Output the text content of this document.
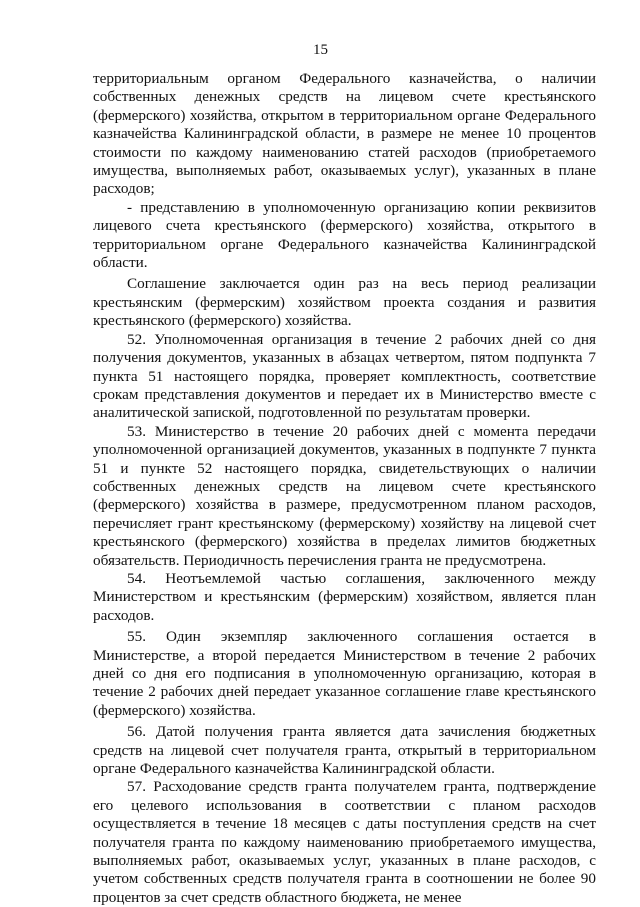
15

территориальным органом Федерального казначейства, о наличии собственных денежных средств на лицевом счете крестьянского (фермерского) хозяйства, открытом в территориальном органе Федерального казначейства Калининградской области, в размере не менее 10 процентов стоимости по каждому наименованию статей расходов (приобретаемого имущества, выполняемых работ, оказываемых услуг), указанных в плане расходов;

- представлению в уполномоченную организацию копии реквизитов лицевого счета крестьянского (фермерского) хозяйства, открытого в территориальном органе Федерального казначейства Калининградской области.

Соглашение заключается один раз на весь период реализации крестьянским (фермерским) хозяйством проекта создания и развития крестьянского (фермерского) хозяйства.

52. Уполномоченная организация в течение 2 рабочих дней со дня получения документов, указанных в абзацах четвертом, пятом подпункта 7 пункта 51 настоящего порядка, проверяет комплектность, соответствие срокам представления документов и передает их в Министерство вместе с аналитической запиской, подготовленной по результатам проверки.

53. Министерство в течение 20 рабочих дней с момента передачи уполномоченной организацией документов, указанных в подпункте 7 пункта 51 и пункте 52 настоящего порядка, свидетельствующих о наличии собственных денежных средств на лицевом счете крестьянского (фермерского) хозяйства в размере, предусмотренном планом расходов, перечисляет грант крестьянскому (фермерскому) хозяйству на лицевой счет крестьянского (фермерского) хозяйства в пределах лимитов бюджетных обязательств. Периодичность перечисления гранта не предусмотрена.

54. Неотъемлемой частью соглашения, заключенного между Министерством и крестьянским (фермерским) хозяйством, является план расходов.

55. Один экземпляр заключенного соглашения остается в Министерстве, а второй передается Министерством в течение 2 рабочих дней со дня его подписания в уполномоченную организацию, которая в течение 2 рабочих дней передает указанное соглашение главе крестьянского (фермерского) хозяйства.

56. Датой получения гранта является дата зачисления бюджетных средств на лицевой счет получателя гранта, открытый в территориальном органе Федерального казначейства Калининградской области.

57. Расходование средств гранта получателем гранта, подтверждение его целевого использования в соответствии с планом расходов осуществляется в течение 18 месяцев с даты поступления средств на счет получателя гранта по каждому наименованию приобретаемого имущества, выполняемых работ, оказываемых услуг, указанных в плане расходов, с учетом собственных средств получателя гранта в соотношении не более 90 процентов за счет средств областного бюджета, не менее
